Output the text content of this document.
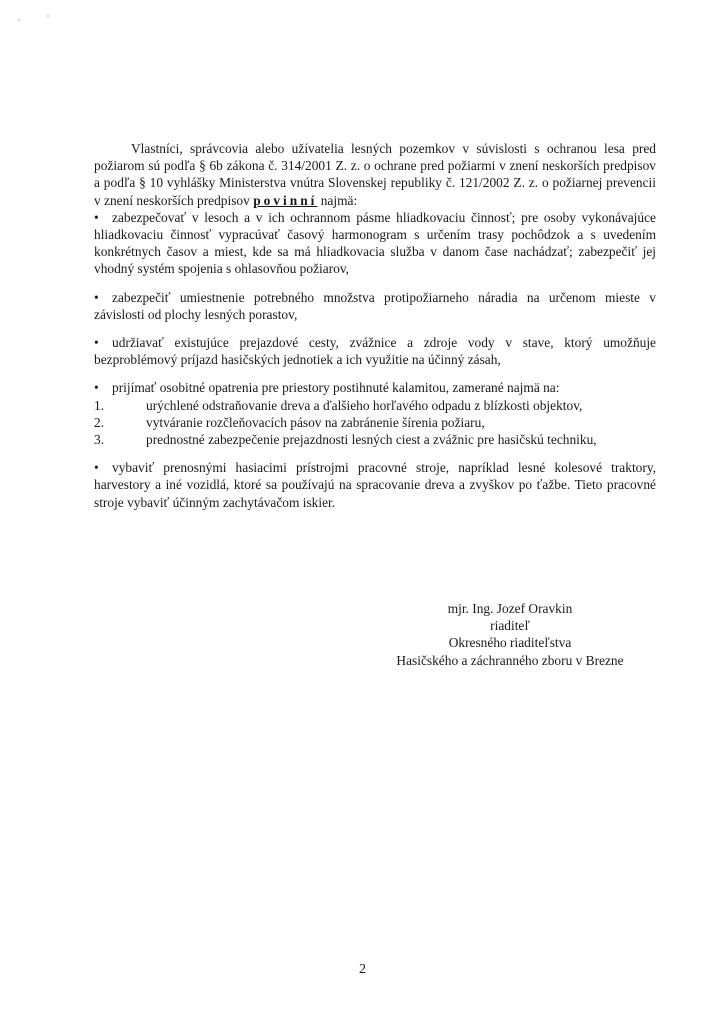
Vlastníci, správcovia alebo užívatelia lesných pozemkov v súvislosti s ochranou lesa pred požiarom sú podľa § 6b zákona č. 314/2001 Z. z. o ochrane pred požiarmi v znení neskorších predpisov a podľa § 10 vyhlášky Ministerstva vnútra Slovenskej republiky č. 121/2002 Z. z. o požiarnej prevencii v znení neskorších predpisov povinní najmä:

• zabezpečovať v lesoch a v ich ochrannom pásme hliadkovaciu činnosť; pre osoby vykonávajúce hliadkovaciu činnosť vypracúvať časový harmonogram s určením trasy pochôdzok a s uvedením konkrétnych časov a miest, kde sa má hliadkovacia služba v danom čase nachádzať; zabezpečiť jej vhodný systém spojenia s ohlasovňou požiarov,

• zabezpečiť umiestnenie potrebného množstva protipožiarneho náradia na určenom mieste v závislosti od plochy lesných porastov,

• udržiavať existujúce prejazdové cesty, zvážnice a zdroje vody v stave, ktorý umožňuje bezproblémový príjazd hasičských jednotiek a ich využitie na účinný zásah,

• prijímať osobitné opatrenia pre priestory postihnuté kalamitou, zamerané najmä na:

1.	urýchlené odstraňovanie dreva a ďalšieho horľavého odpadu z blízkosti objektov,
2.	vytváranie rozčleňovacích pásov na zabránenie šírenia požiaru,
3.	prednostné zabezpečenie prejazdnosti lesných ciest a zvážnic pre hasičskú techniku,

• vybaviť prenosnými hasiacimi prístrojmi pracovné stroje, napríklad lesné kolesové traktory, harvestory a iné vozidlá, ktoré sa používajú na spracovanie dreva a zvyškov po ťažbe. Tieto pracovné stroje vybaviť účinným zachytávačom iskier.

mjr. Ing. Jozef Oravkin
riaditeľ
Okresného riaditeľstva
Hasičského a záchranného zboru v Brezne
2
